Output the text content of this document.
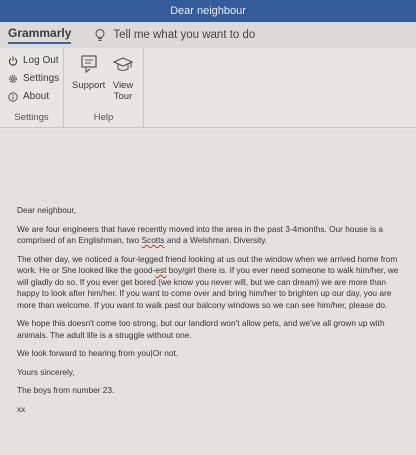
Dear neighbour
Grammarly	Tell me what you want to do
Log Out
Settings
About
Settings
Support View
Tour
Help

Dear neighbour,

We are four engineers that have recently moved into the area in the past 3-4months. Our house is a comprised of an Englishman, two Scotts and a Welshman. Diversity.

The other day, we noticed a four-legged friend looking at us out the window when we arrived home from work. He or She looked like the good-est boy/girl there is. If you ever need someone to walk him/her, we will gladly do so. If you ever get bored (we know you never will, but we can dream) we are more than happy to look after him/her. If you want to come over and bring him/her to brighten up our day, you are more than welcome. If you want to walk past our balcony windows so we can see him/her, please do.

We hope this doesn't come too strong, but our landlord won't allow pets, and we've all grown up with animals. The adult life is a struggle without one.

We look forward to hearing from you|Or not.

Yours sincerely,

The boys from number 23.

xx
